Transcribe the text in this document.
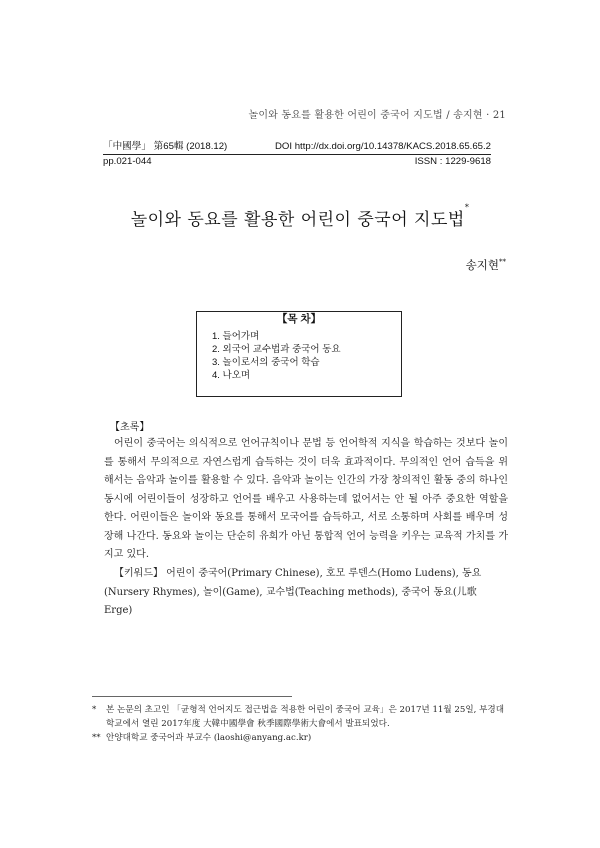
놀이와 동요를 활용한 어린이 중국어 지도법 / 송지현 · 21
「中國學」 第65輯 (2018.12)	DOI http://dx.doi.org/10.14378/KACS.2018.65.65.2
pp.021-044	ISSN : 1229-9618
놀이와 동요를 활용한 어린이 중국어 지도법*
송지현**
【목 차】
1. 들어가며
2. 외국어 교수법과 중국어 동요
3. 놀이로서의 중국어 학습
4. 나오며
【초록】

어린이 중국어는 의식적으로 언어규칙이나 문법 등 언어학적 지식을 학습하는 것보다 놀이를 통해서 무의적으로 자연스럽게 습득하는 것이 더욱 효과적이다. 무의적인 언어 습득을 위해서는 음악과 놀이를 활용할 수 있다. 음악과 놀이는 인간의 가장 창의적인 활동 중의 하나인 동시에 어린이들이 성장하고 언어를 배우고 사용하는데 없어서는 안 될 아주 중요한 역할을 한다. 어린이들은 놀이와 동요를 통해서 모국어를 습득하고, 서로 소통하며 사회를 배우며 성장해 나간다. 동요와 놀이는 단순히 유희가 아닌 통합적 언어 능력을 키우는 교육적 가치를 가지고 있다.

【키워드】 어린이 중국어(Primary Chinese), 호모 루덴스(Homo Ludens), 동요(Nursery Rhymes), 놀이(Game), 교수법(Teaching methods), 중국어 동요(儿歌 Erge)

*	본 논문의 초고인 「균형적 언어지도 접근법을 적용한 어린이 중국어 교육」은 2017년 11월 25일, 부경대학교에서 열린 2017年度 大韓中國學會 秋季國際學術大會에서 발표되었다.
** 안양대학교 중국어과 부교수 (laoshi@anyang.ac.kr)
